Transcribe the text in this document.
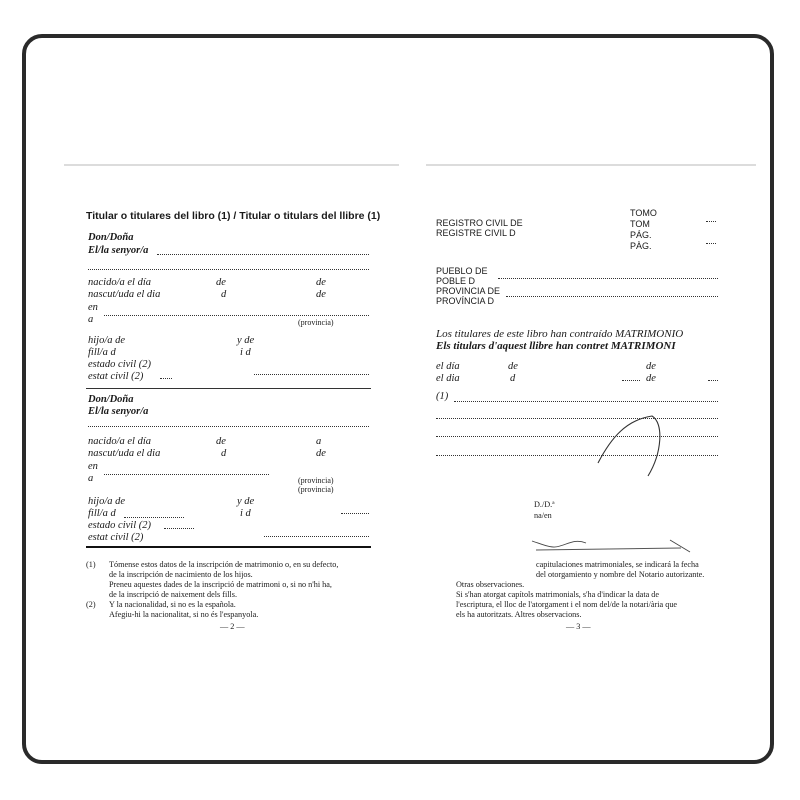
Titular o titulares del libro (1) / Titular o titulars del llibre (1)
Don/Doña
El/la senyor/a
nacido/a el día
nascut/uda el dia
de
d
de
de
en
a	(provincia)
hijo/a de
fill/a d
y de
i d
estado civil (2)
estat civil (2)
Don/Doña
El/la senyor/a
nacido/a el día
nascut/uda el dia
de
d
a
de
en
a	(provincia)
(provincia)
hijo/a de
fill/a d
y de
i d
estado civil (2)
estat civil (2)
(1) Tómense estos datos de la inscripción de matrimonio o, en su defecto,
de la inscripción de nacimiento de los hijos.
Preneu aquestes dades de la inscripció de matrimoni o, si no n'hi ha,
de la inscripció de naixement dels fills.
(2) Y la nacionalidad, si no es la española.
Afegiu-hi la nacionalitat, si no és l'espanyola.
— 2 —
TOMO
TOM
PÁG.
PÀG.
REGISTRO CIVIL DE
REGISTRE CIVIL D
PUEBLO DE
POBLE D
PROVINCIA DE
PROVÍNCIA D
Los titulares de este libro han contraído MATRIMONIO
Els titulars d'aquest llibre han contret MATRIMONI
el día
el dia
de
d
de
de
(1)
D./D.ª
na/en
capitulaciones matrimoniales, se indicará la fecha
del otorgamiento y nombre del Notario autorizante.
Otras observaciones.
Si s'han atorgat capítols matrimonials, s'ha d'indicar la data de
l'escriptura, el lloc de l'atorgament i el nom del/de la notari/ària que
els ha autoritzats. Altres observacions.
— 3 —
